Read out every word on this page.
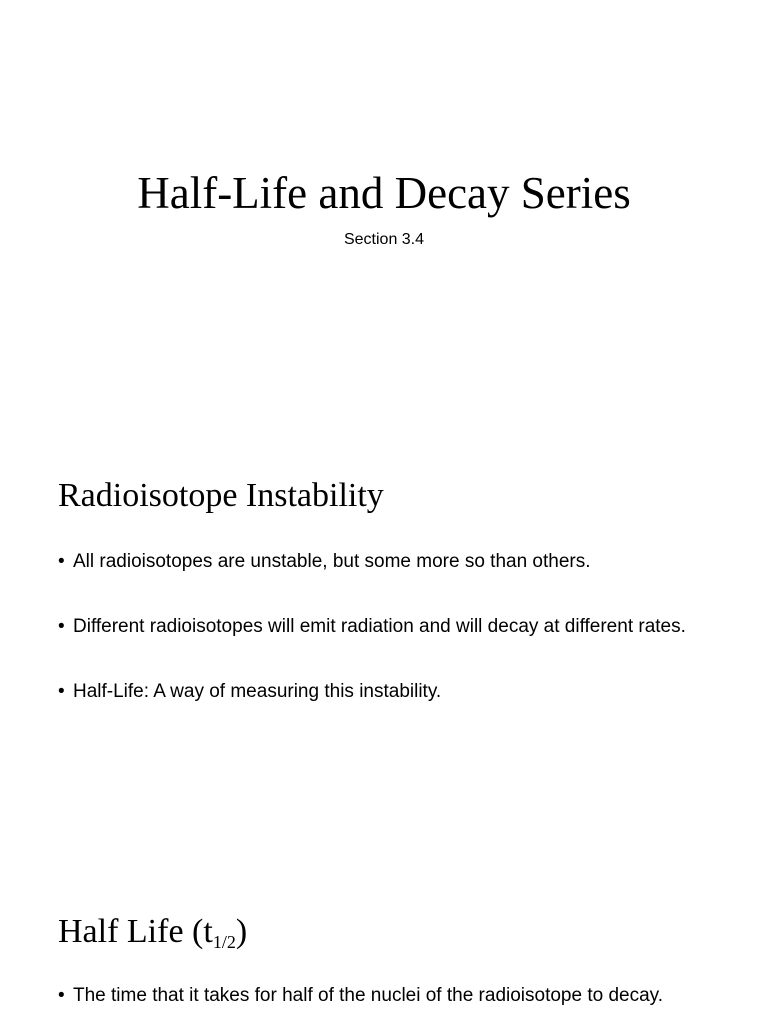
Half-Life and Decay Series
Section 3.4
Radioisotope Instability
• All radioisotopes are unstable, but some more so than others.
• Different radioisotopes will emit radiation and will decay at different rates.
• Half-Life: A way of measuring this instability.
Half Life $(t_{1/2})$
• The time that it takes for half of the nuclei of the radioisotope to decay.
